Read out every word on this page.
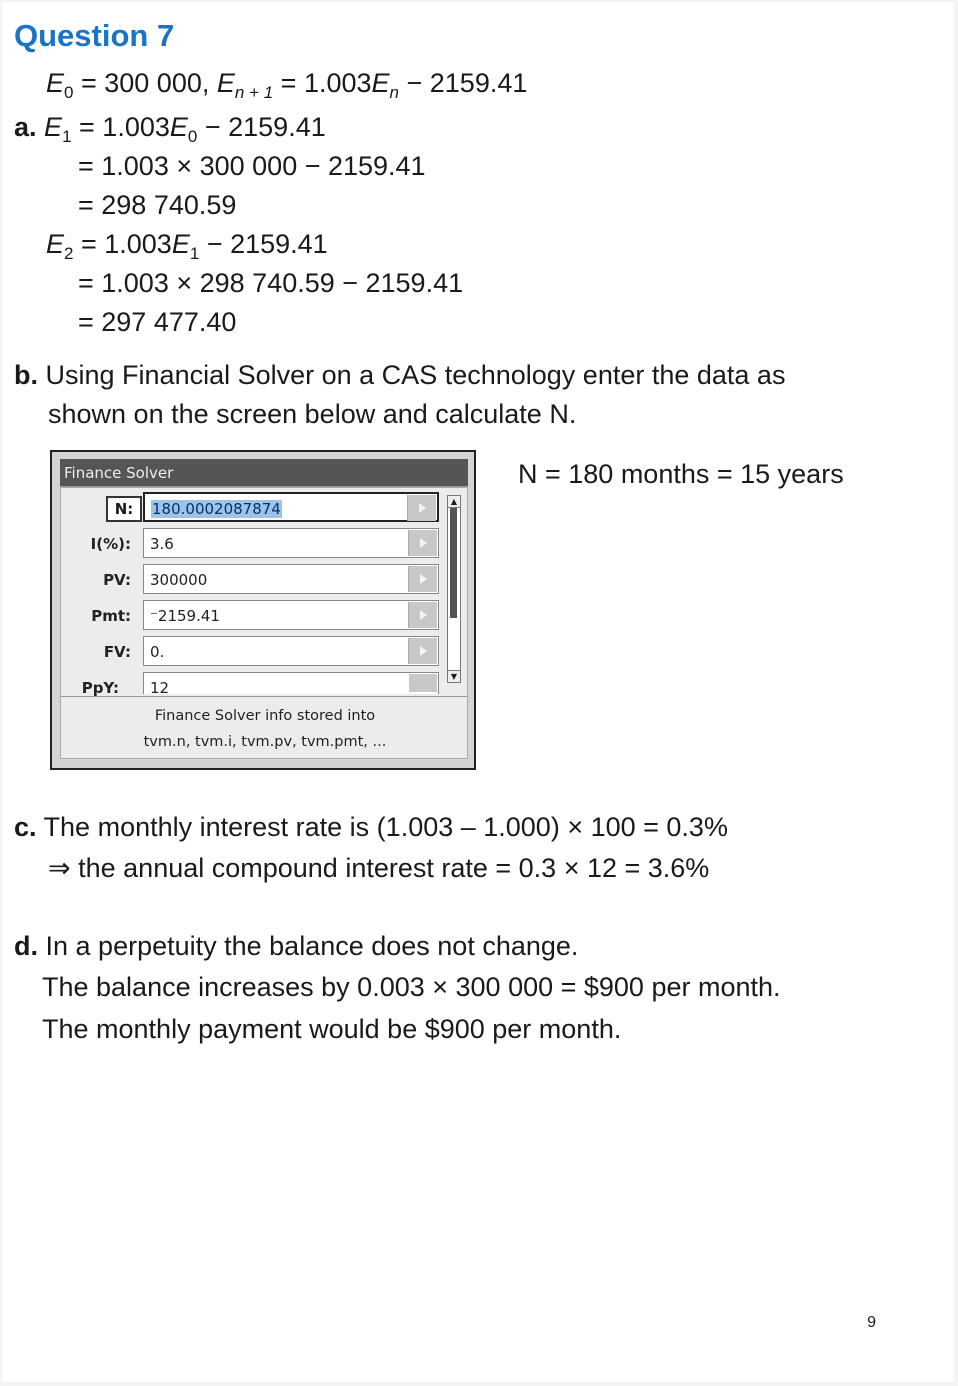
Question 7
$E_0 = 300$ 000, $E_{n + 1} = 1.003E_n - 2159.41$
a. $E_1 = 1.003E_0 - 2159.41$
= 1.003 × 300 000 − 2159.41
= 298 740.59
$E_2 = 1.003E_1 - 2159.41$
= 1.003 × 298 740.59 − 2159.41
= 297 477.40
b. Using Financial Solver on a CAS technology enter the data as
shown on the screen below and calculate N.
N = 180 months = 15 years
Finance Solver
N:	180.0002087874
I(%):	3.6
PV:	300000
Pmt:	⁻2159.41
FV:	0.
PpY:	12
▲
▼
Finance Solver info stored into
tvm.n, tvm.i, tvm.pv, tvm.pmt, ...
c. The monthly interest rate is (1.003 – 1.000) × 100 = 0.3%
⇒ the annual compound interest rate = 0.3 × 12 = 3.6%
d. In a perpetuity the balance does not change.
The balance increases by 0.003 × 300 000 = $900 per month.
The monthly payment would be $900 per month.
9
